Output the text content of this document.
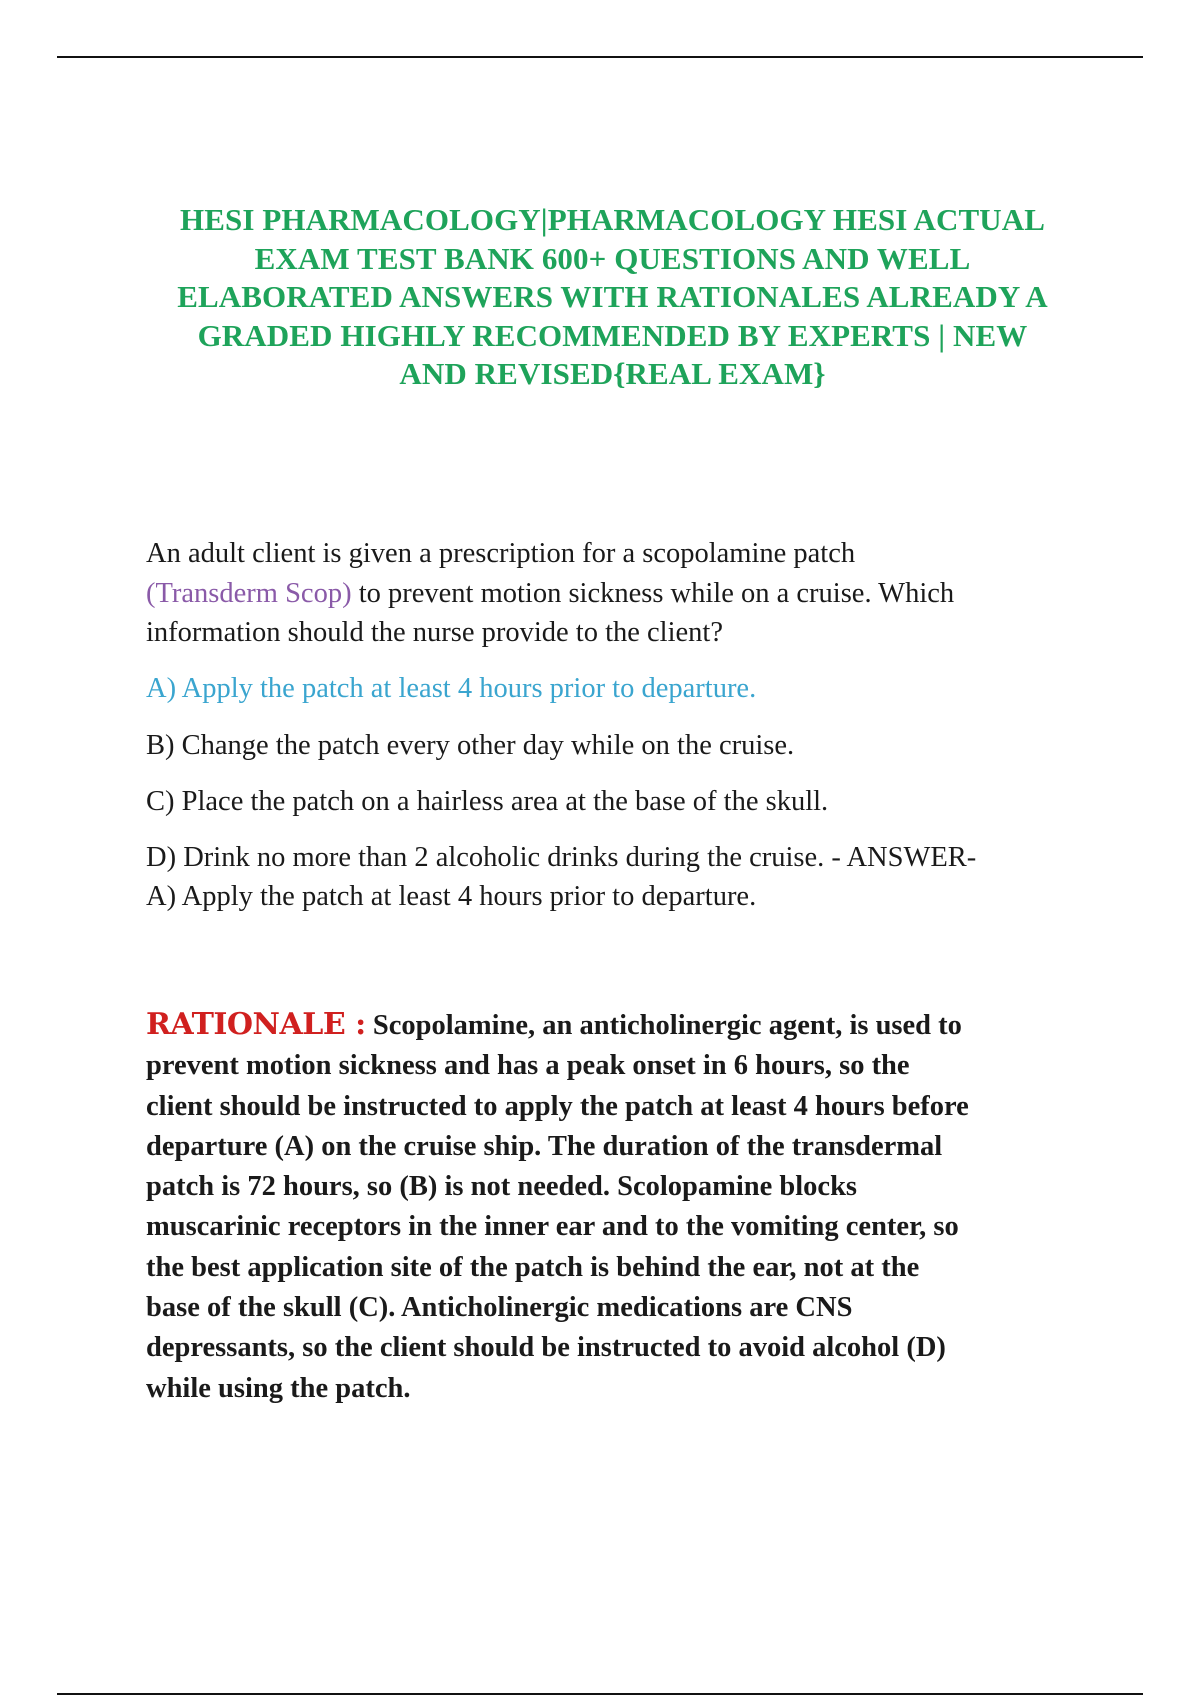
HESI PHARMACOLOGY|PHARMACOLOGY HESI ACTUAL
EXAM TEST BANK 600+ QUESTIONS AND WELL
ELABORATED ANSWERS WITH RATIONALES ALREADY A
GRADED HIGHLY RECOMMENDED BY EXPERTS | NEW
AND REVISED{REAL EXAM}
An adult client is given a prescription for a scopolamine patch
(Transderm Scop) to prevent motion sickness while on a cruise. Which
information should the nurse provide to the client?
A) Apply the patch at least 4 hours prior to departure.
B) Change the patch every other day while on the cruise.
C) Place the patch on a hairless area at the base of the skull.
D) Drink no more than 2 alcoholic drinks during the cruise. - ANSWER-
A) Apply the patch at least 4 hours prior to departure.
RATIONALE : Scopolamine, an anticholinergic agent, is used to
prevent motion sickness and has a peak onset in 6 hours, so the
client should be instructed to apply the patch at least 4 hours before
departure (A) on the cruise ship. The duration of the transdermal
patch is 72 hours, so (B) is not needed. Scolopamine blocks
muscarinic receptors in the inner ear and to the vomiting center, so
the best application site of the patch is behind the ear, not at the
base of the skull (C). Anticholinergic medications are CNS
depressants, so the client should be instructed to avoid alcohol (D)
while using the patch.
